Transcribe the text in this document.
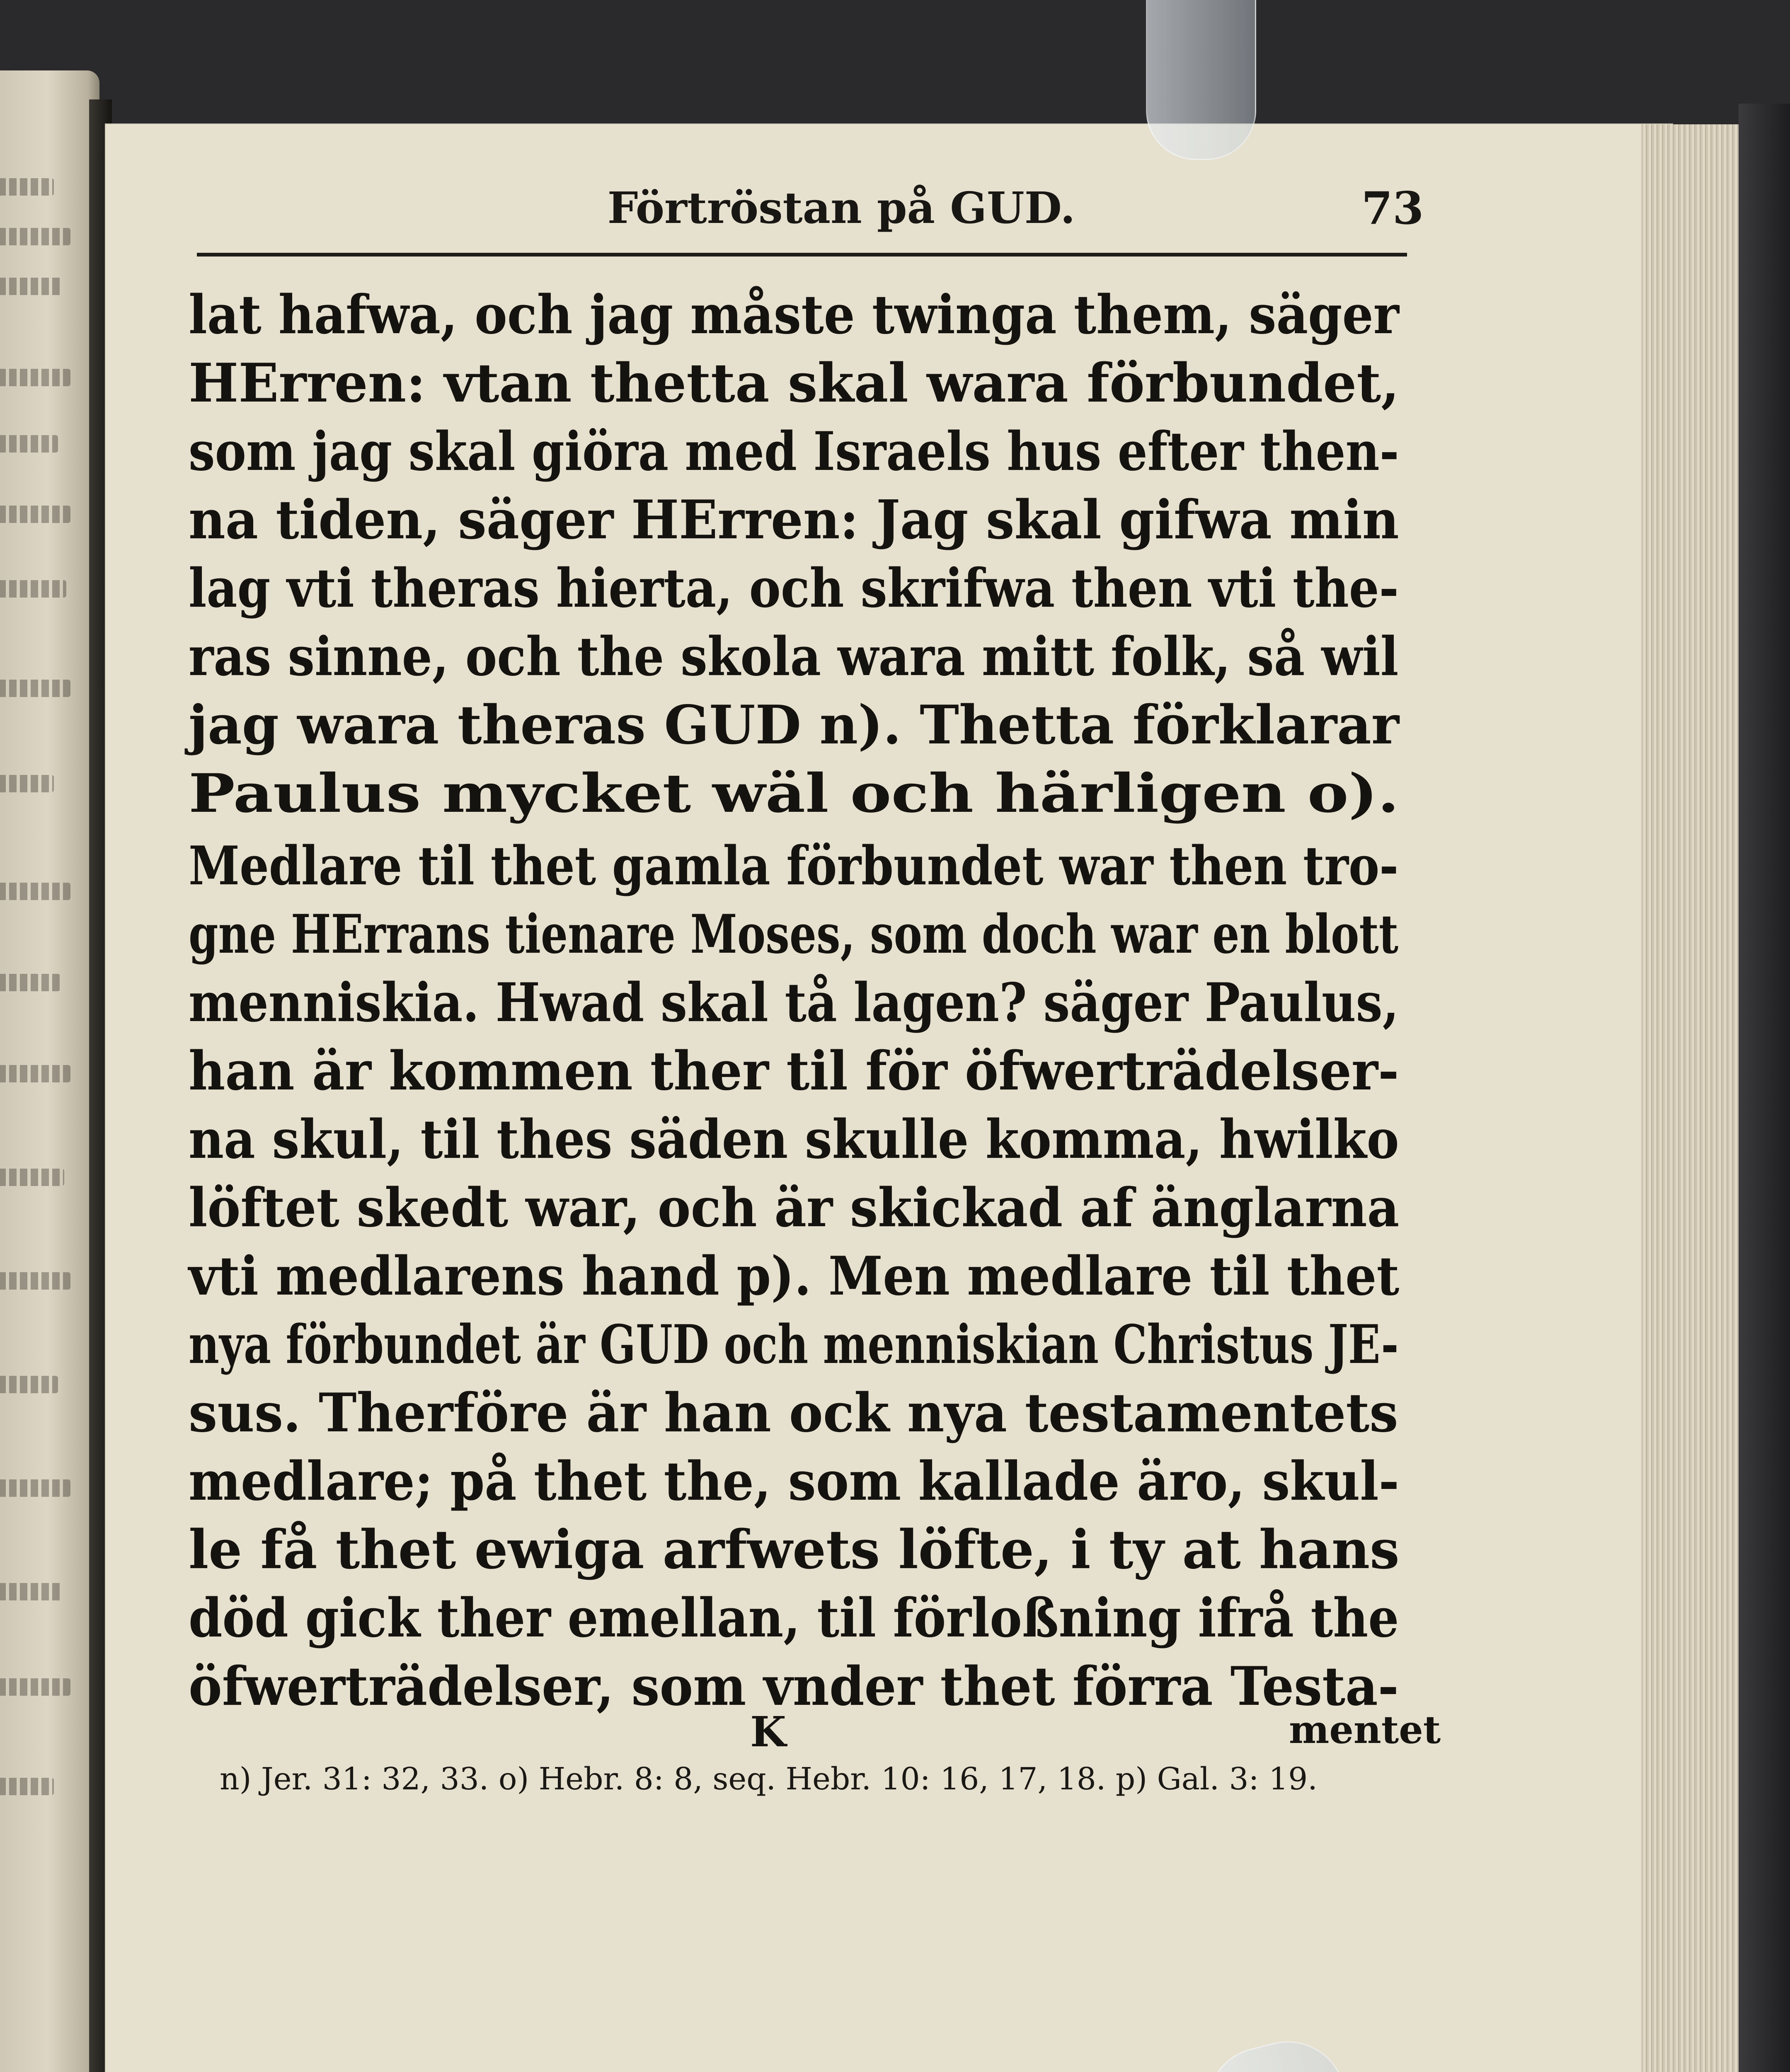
Förtröstan på GUD.	73
lat hafwa, och jag måste twinga them, säger
HErren: vtan thetta skal wara förbundet,
som jag skal giöra med Israels hus efter then-
na tiden, säger HErren: Jag skal gifwa min
lag vti theras hierta, och skrifwa then vti the-
ras sinne, och the skola wara mitt folk, så wil
jag wara theras GUD n). Thetta förklarar
Paulus mycket wäl och härligen o).
Medlare til thet gamla förbundet war then tro-
gne HErrans tienare Moses, som doch war en blott
menniskia. Hwad skal tå lagen? säger Paulus,
han är kommen ther til för öfwerträdelser-
na skul, til thes säden skulle komma, hwilko
löftet skedt war, och är skickad af änglarna
vti medlarens hand p). Men medlare til thet
nya förbundet är GUD och menniskian Christus JE-
sus. Therföre är han ock nya testamentets
medlare; på thet the, som kallade äro, skul-
le få thet ewiga arfwets löfte, i ty at hans
död gick ther emellan, til förloßning ifrå the
öfwerträdelser, som vnder thet förra Testa-
K	mentet
n) Jer. 31: 32, 33. o) Hebr. 8: 8, seq. Hebr. 10: 16, 17, 18. p) Gal. 3: 19.
